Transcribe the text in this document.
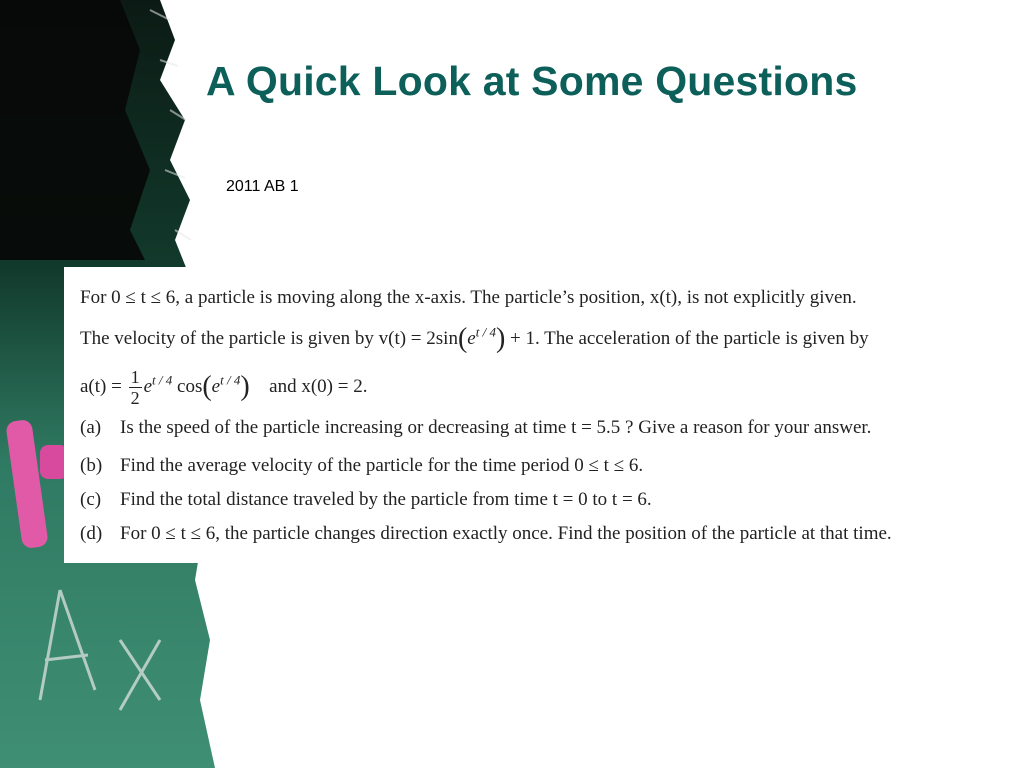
A Quick Look at Some Questions
2011 AB 1
For 0 ≤ t ≤ 6, a particle is moving along the x-axis. The particle’s position, x(t), is not explicitly given.
The velocity of the particle is given by $v(t) = 2\sin(e^{t / 4}) + 1$. The acceleration of the particle is given by
$a(t) = \frac{1}{2} e^{t / 4}$ $\cos(e^{t / 4})$ and x(0) = 2.
(a) Is the speed of the particle increasing or decreasing at time t = 5.5 ? Give a reason for your answer.
(b) Find the average velocity of the particle for the time period 0 ≤ t ≤ 6.
(c) Find the total distance traveled by the particle from time t = 0 to t = 6.
(d) For 0 ≤ t ≤ 6, the particle changes direction exactly once. Find the position of the particle at that time.
